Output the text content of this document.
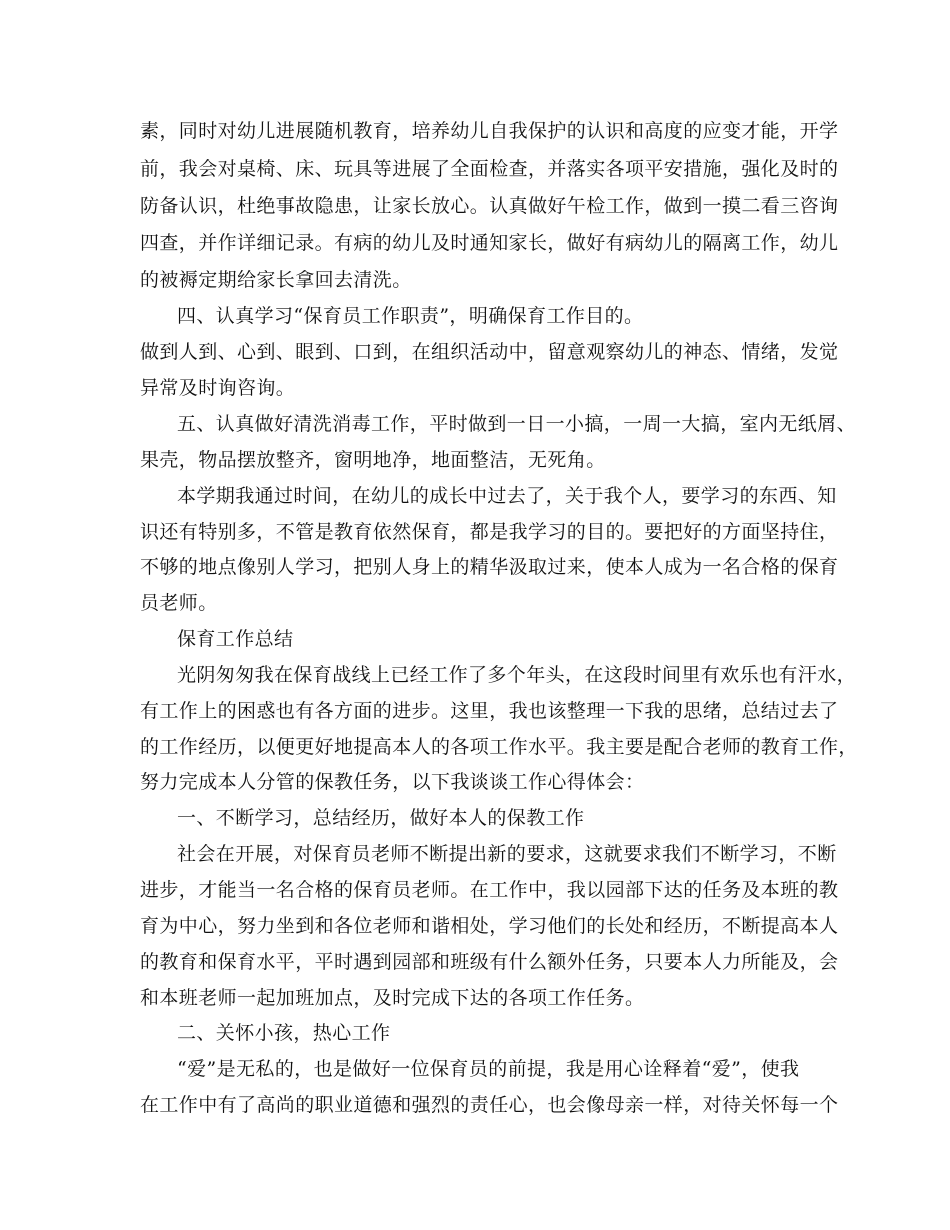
素，同时对幼儿进展随机教育，培养幼儿自我保护的认识和高度的应变才能，开学
前，我会对桌椅、床、玩具等进展了全面检查，并落实各项平安措施，强化及时的
防备认识，杜绝事故隐患，让家长放心。认真做好午检工作，做到一摸二看三咨询
四查，并作详细记录。有病的幼儿及时通知家长，做好有病幼儿的隔离工作，幼儿
的被褥定期给家长拿回去清洗。
四、认真学习“保育员工作职责”，明确保育工作目的。
做到人到、心到、眼到、口到，在组织活动中，留意观察幼儿的神态、情绪，发觉
异常及时询咨询。
五、认真做好清洗消毒工作，平时做到一日一小搞，一周一大搞，室内无纸屑、
果壳，物品摆放整齐，窗明地净，地面整洁，无死角。
本学期我通过时间，在幼儿的成长中过去了，关于我个人，要学习的东西、知
识还有特别多，不管是教育依然保育，都是我学习的目的。要把好的方面坚持住，
不够的地点像别人学习，把别人身上的精华汲取过来，使本人成为一名合格的保育
员老师。
保育工作总结
光阴匆匆我在保育战线上已经工作了多个年头，在这段时间里有欢乐也有汗水，
有工作上的困惑也有各方面的进步。这里，我也该整理一下我的思绪，总结过去了
的工作经历，以便更好地提高本人的各项工作水平。我主要是配合老师的教育工作，
努力完成本人分管的保教任务，以下我谈谈工作心得体会：
一、不断学习，总结经历，做好本人的保教工作
社会在开展，对保育员老师不断提出新的要求，这就要求我们不断学习，不断
进步，才能当一名合格的保育员老师。在工作中，我以园部下达的任务及本班的教
育为中心，努力坐到和各位老师和谐相处，学习他们的长处和经历，不断提高本人
的教育和保育水平，平时遇到园部和班级有什么额外任务，只要本人力所能及，会
和本班老师一起加班加点，及时完成下达的各项工作任务。
二、关怀小孩，热心工作
“爱”是无私的，也是做好一位保育员的前提，我是用心诠释着“爱”，使我
在工作中有了高尚的职业道德和强烈的责任心，也会像母亲一样，对待关怀每一个
